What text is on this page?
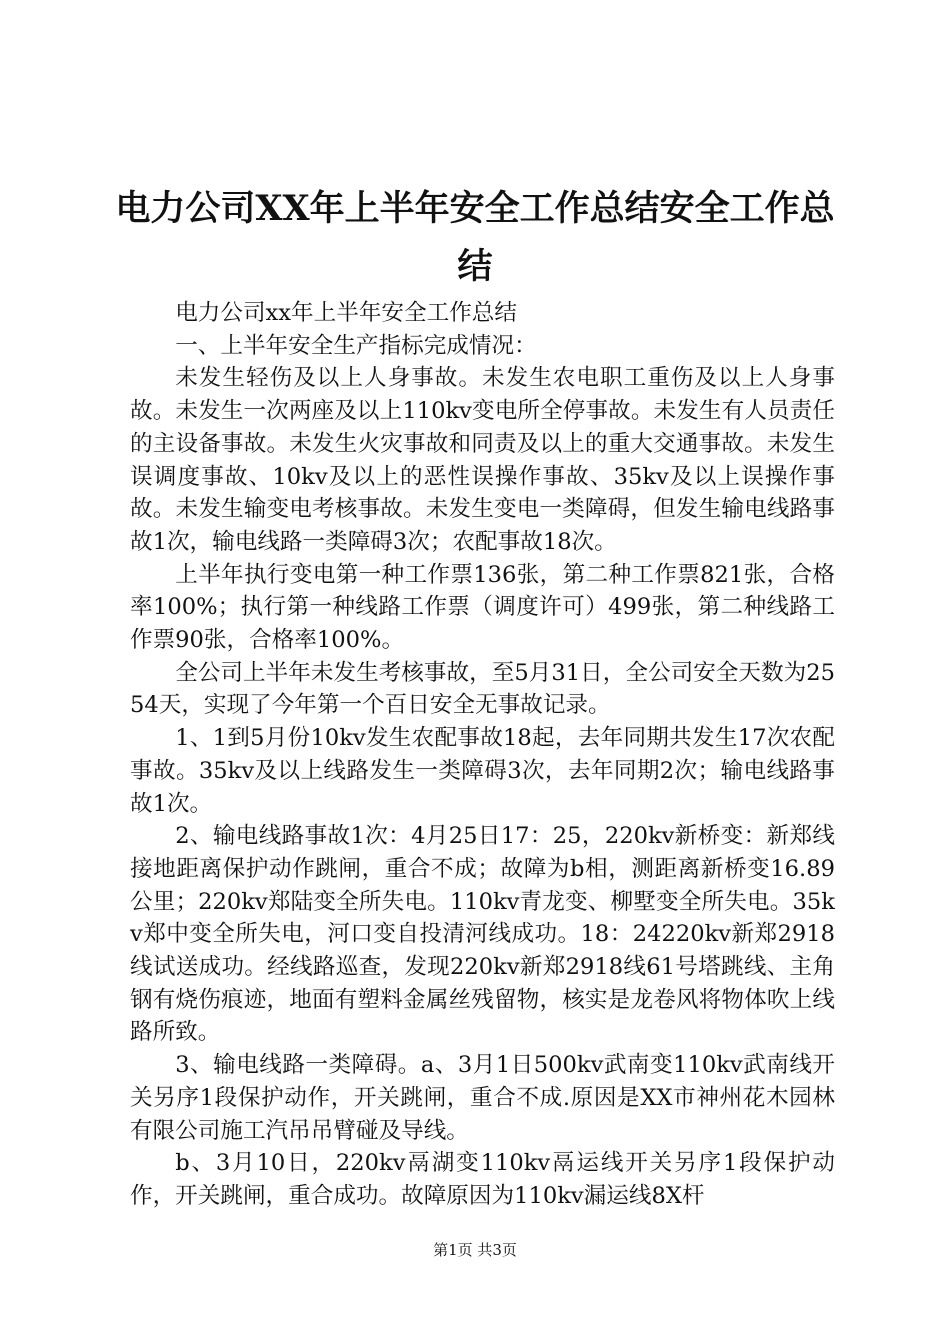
电力公司XX年上半年安全工作总结安全工作总结

电力公司xx年上半年安全工作总结

一、上半年安全生产指标完成情况：

未发生轻伤及以上人身事故。未发生农电职工重伤及以上人身事故。未发生一次两座及以上110kv变电所全停事故。未发生有人员责任的主设备事故。未发生火灾事故和同责及以上的重大交通事故。未发生误调度事故、10kv及以上的恶性误操作事故、35kv及以上误操作事故。未发生输变电考核事故。未发生变电一类障碍，但发生输电线路事故1次，输电线路一类障碍3次；农配事故18次。

上半年执行变电第一种工作票136张，第二种工作票821张，合格率100%；执行第一种线路工作票（调度许可）499张，第二种线路工作票90张，合格率100%。

全公司上半年未发生考核事故，至5月31日，全公司安全天数为2554天，实现了今年第一个百日安全无事故记录。

1、1到5月份10kv发生农配事故18起，去年同期共发生17次农配事故。35kv及以上线路发生一类障碍3次，去年同期2次；输电线路事故1次。

2、输电线路事故1次：4月25日17：25，220kv新桥变：新郑线接地距离保护动作跳闸，重合不成；故障为b相，测距离新桥变16.89公里；220kv郑陆变全所失电。110kv青龙变、柳墅变全所失电。35kv郑中变全所失电，河口变自投清河线成功。18：24220kv新郑2918线试送成功。经线路巡查，发现220kv新郑2918线61号塔跳线、主角钢有烧伤痕迹，地面有塑料金属丝残留物，核实是龙卷风将物体吹上线路所致。

3、输电线路一类障碍。a、3月1日500kv武南变110kv武南线开关另序1段保护动作，开关跳闸，重合不成.原因是XX市神州花木园林有限公司施工汽吊吊臂碰及导线。

b、3月10日，220kv鬲湖变110kv鬲运线开关另序1段保护动作，开关跳闸，重合成功。故障原因为110kv漏运线8X杆

第1页 共3页
